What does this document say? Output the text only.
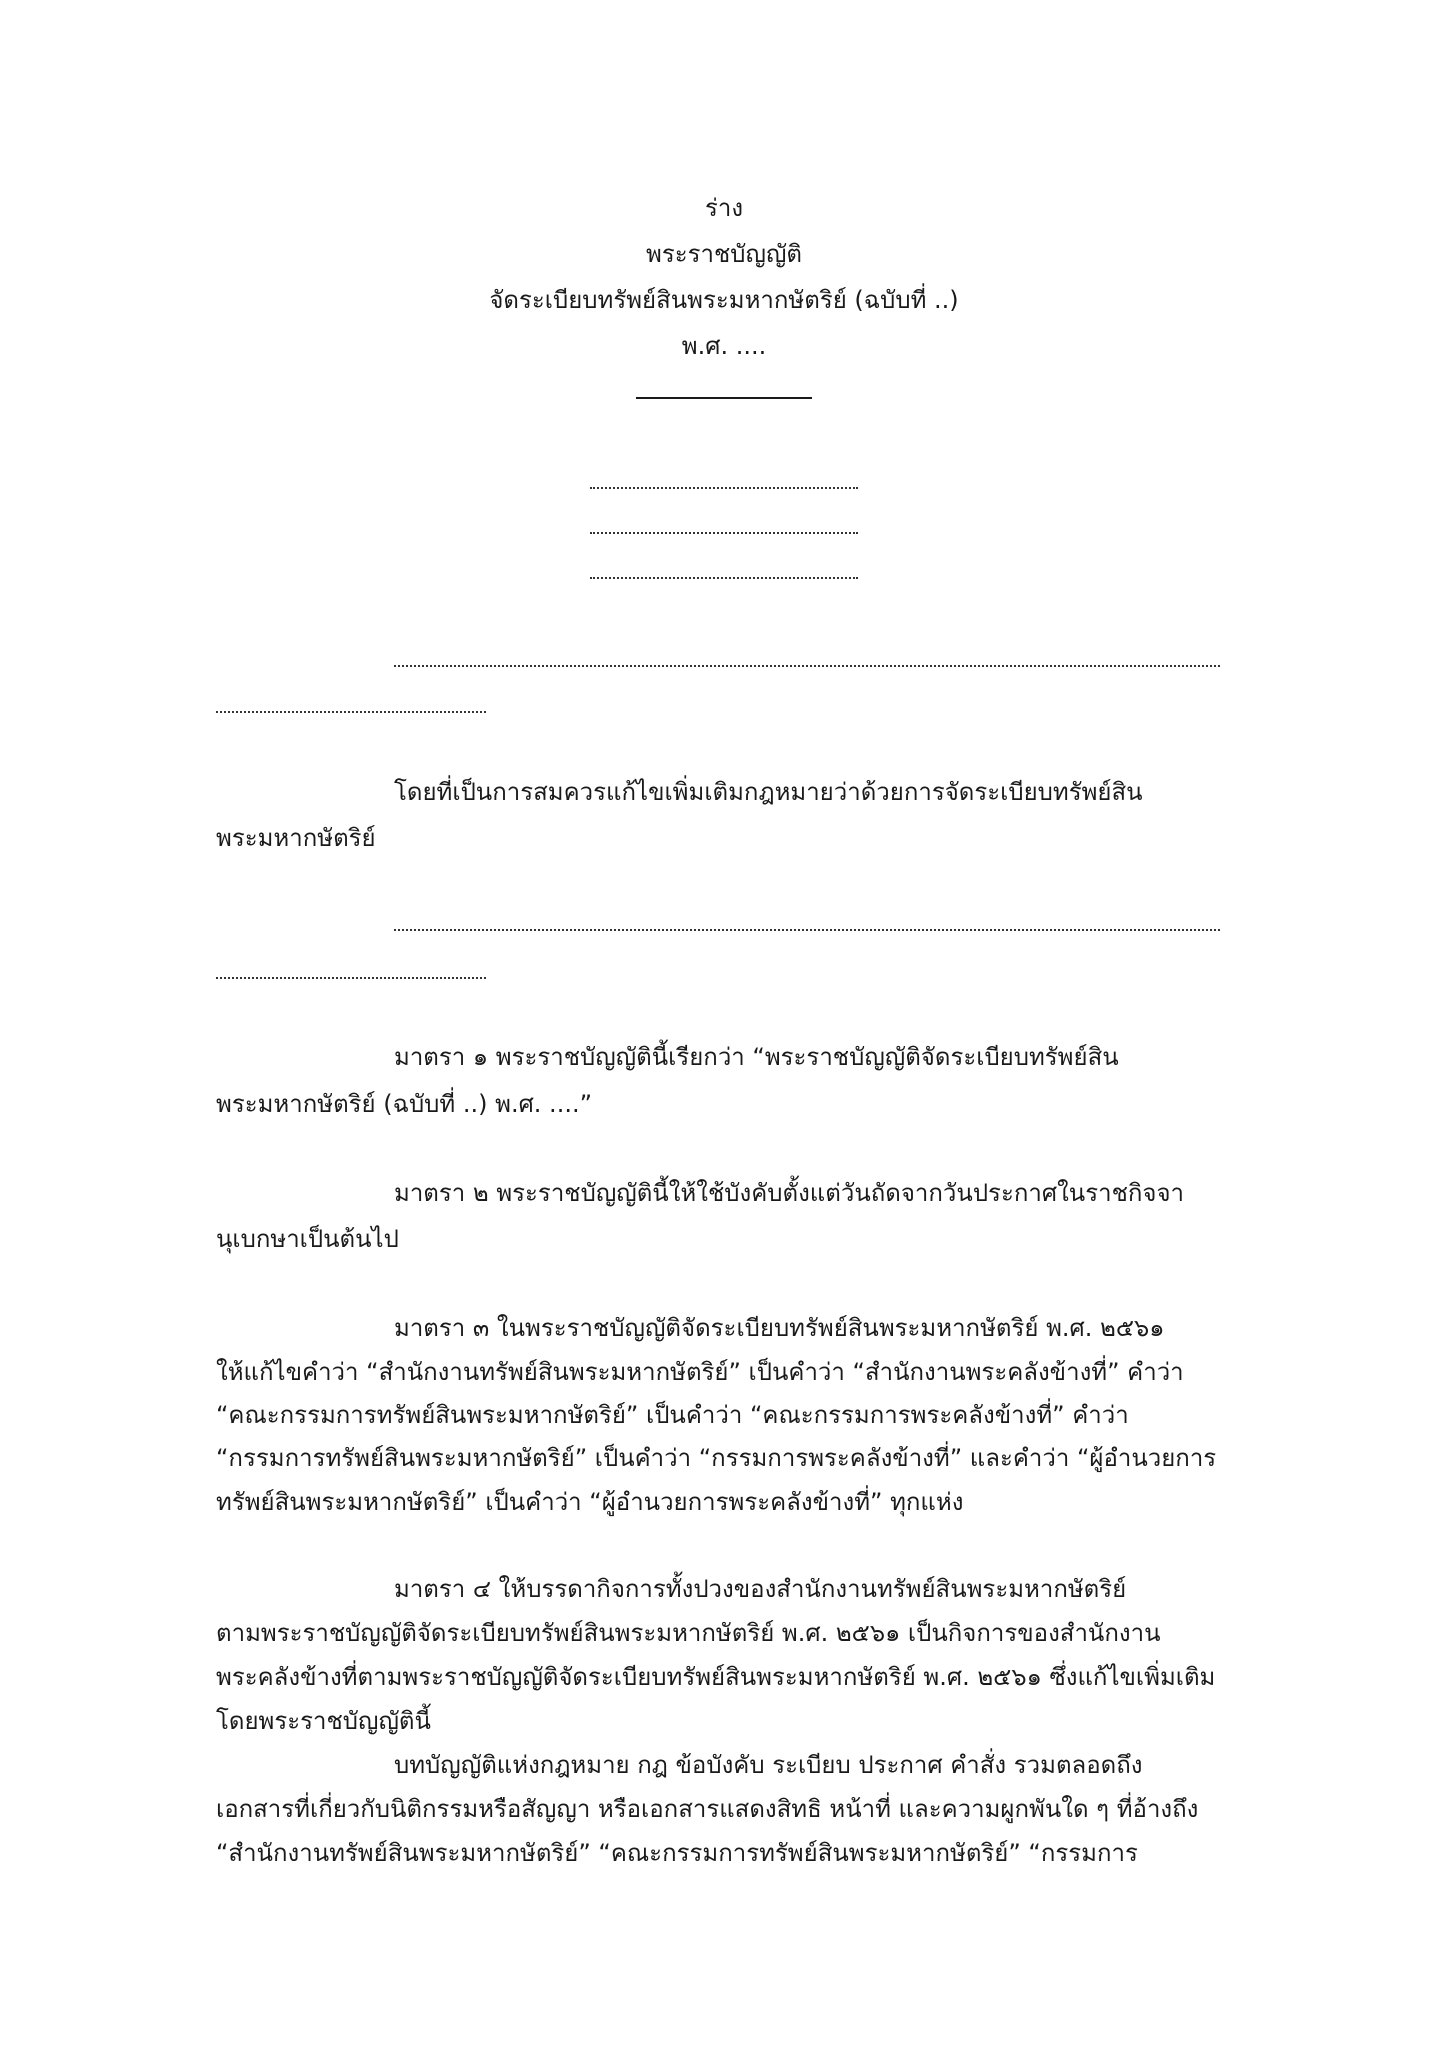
ร่าง
พระราชบัญญัติ
จัดระเบียบทรัพย์สินพระมหากษัตริย์ (ฉบับที่ ..)
พ.ศ. ....
โดยที่เป็นการสมควรแก้ไขเพิ่มเติมกฎหมายว่าด้วยการจัดระเบียบทรัพย์สิน
พระมหากษัตริย์
มาตรา ๑ พระราชบัญญัตินี้เรียกว่า “พระราชบัญญัติจัดระเบียบทรัพย์สิน
พระมหากษัตริย์ (ฉบับที่ ..) พ.ศ. ....”
มาตรา ๒ พระราชบัญญัตินี้ให้ใช้บังคับตั้งแต่วันถัดจากวันประกาศในราชกิจจา
นุเบกษาเป็นต้นไป
มาตรา ๓ ในพระราชบัญญัติจัดระเบียบทรัพย์สินพระมหากษัตริย์ พ.ศ. ๒๕๖๑
ให้แก้ไขคำว่า “สำนักงานทรัพย์สินพระมหากษัตริย์” เป็นคำว่า “สำนักงานพระคลังข้างที่” คำว่า
“คณะกรรมการทรัพย์สินพระมหากษัตริย์” เป็นคำว่า “คณะกรรมการพระคลังข้างที่” คำว่า
“กรรมการทรัพย์สินพระมหากษัตริย์” เป็นคำว่า “กรรมการพระคลังข้างที่” และคำว่า “ผู้อำนวยการ
ทรัพย์สินพระมหากษัตริย์” เป็นคำว่า “ผู้อำนวยการพระคลังข้างที่” ทุกแห่ง
มาตรา ๔ ให้บรรดากิจการทั้งปวงของสำนักงานทรัพย์สินพระมหากษัตริย์
ตามพระราชบัญญัติจัดระเบียบทรัพย์สินพระมหากษัตริย์ พ.ศ. ๒๕๖๑ เป็นกิจการของสำนักงาน
พระคลังข้างที่ตามพระราชบัญญัติจัดระเบียบทรัพย์สินพระมหากษัตริย์ พ.ศ. ๒๕๖๑ ซึ่งแก้ไขเพิ่มเติม
โดยพระราชบัญญัตินี้
บทบัญญัติแห่งกฎหมาย กฎ ข้อบังคับ ระเบียบ ประกาศ คำสั่ง รวมตลอดถึง
เอกสารที่เกี่ยวกับนิติกรรมหรือสัญญา หรือเอกสารแสดงสิทธิ หน้าที่ และความผูกพันใด ๆ ที่อ้างถึง
“สำนักงานทรัพย์สินพระมหากษัตริย์” “คณะกรรมการทรัพย์สินพระมหากษัตริย์” “กรรมการ
